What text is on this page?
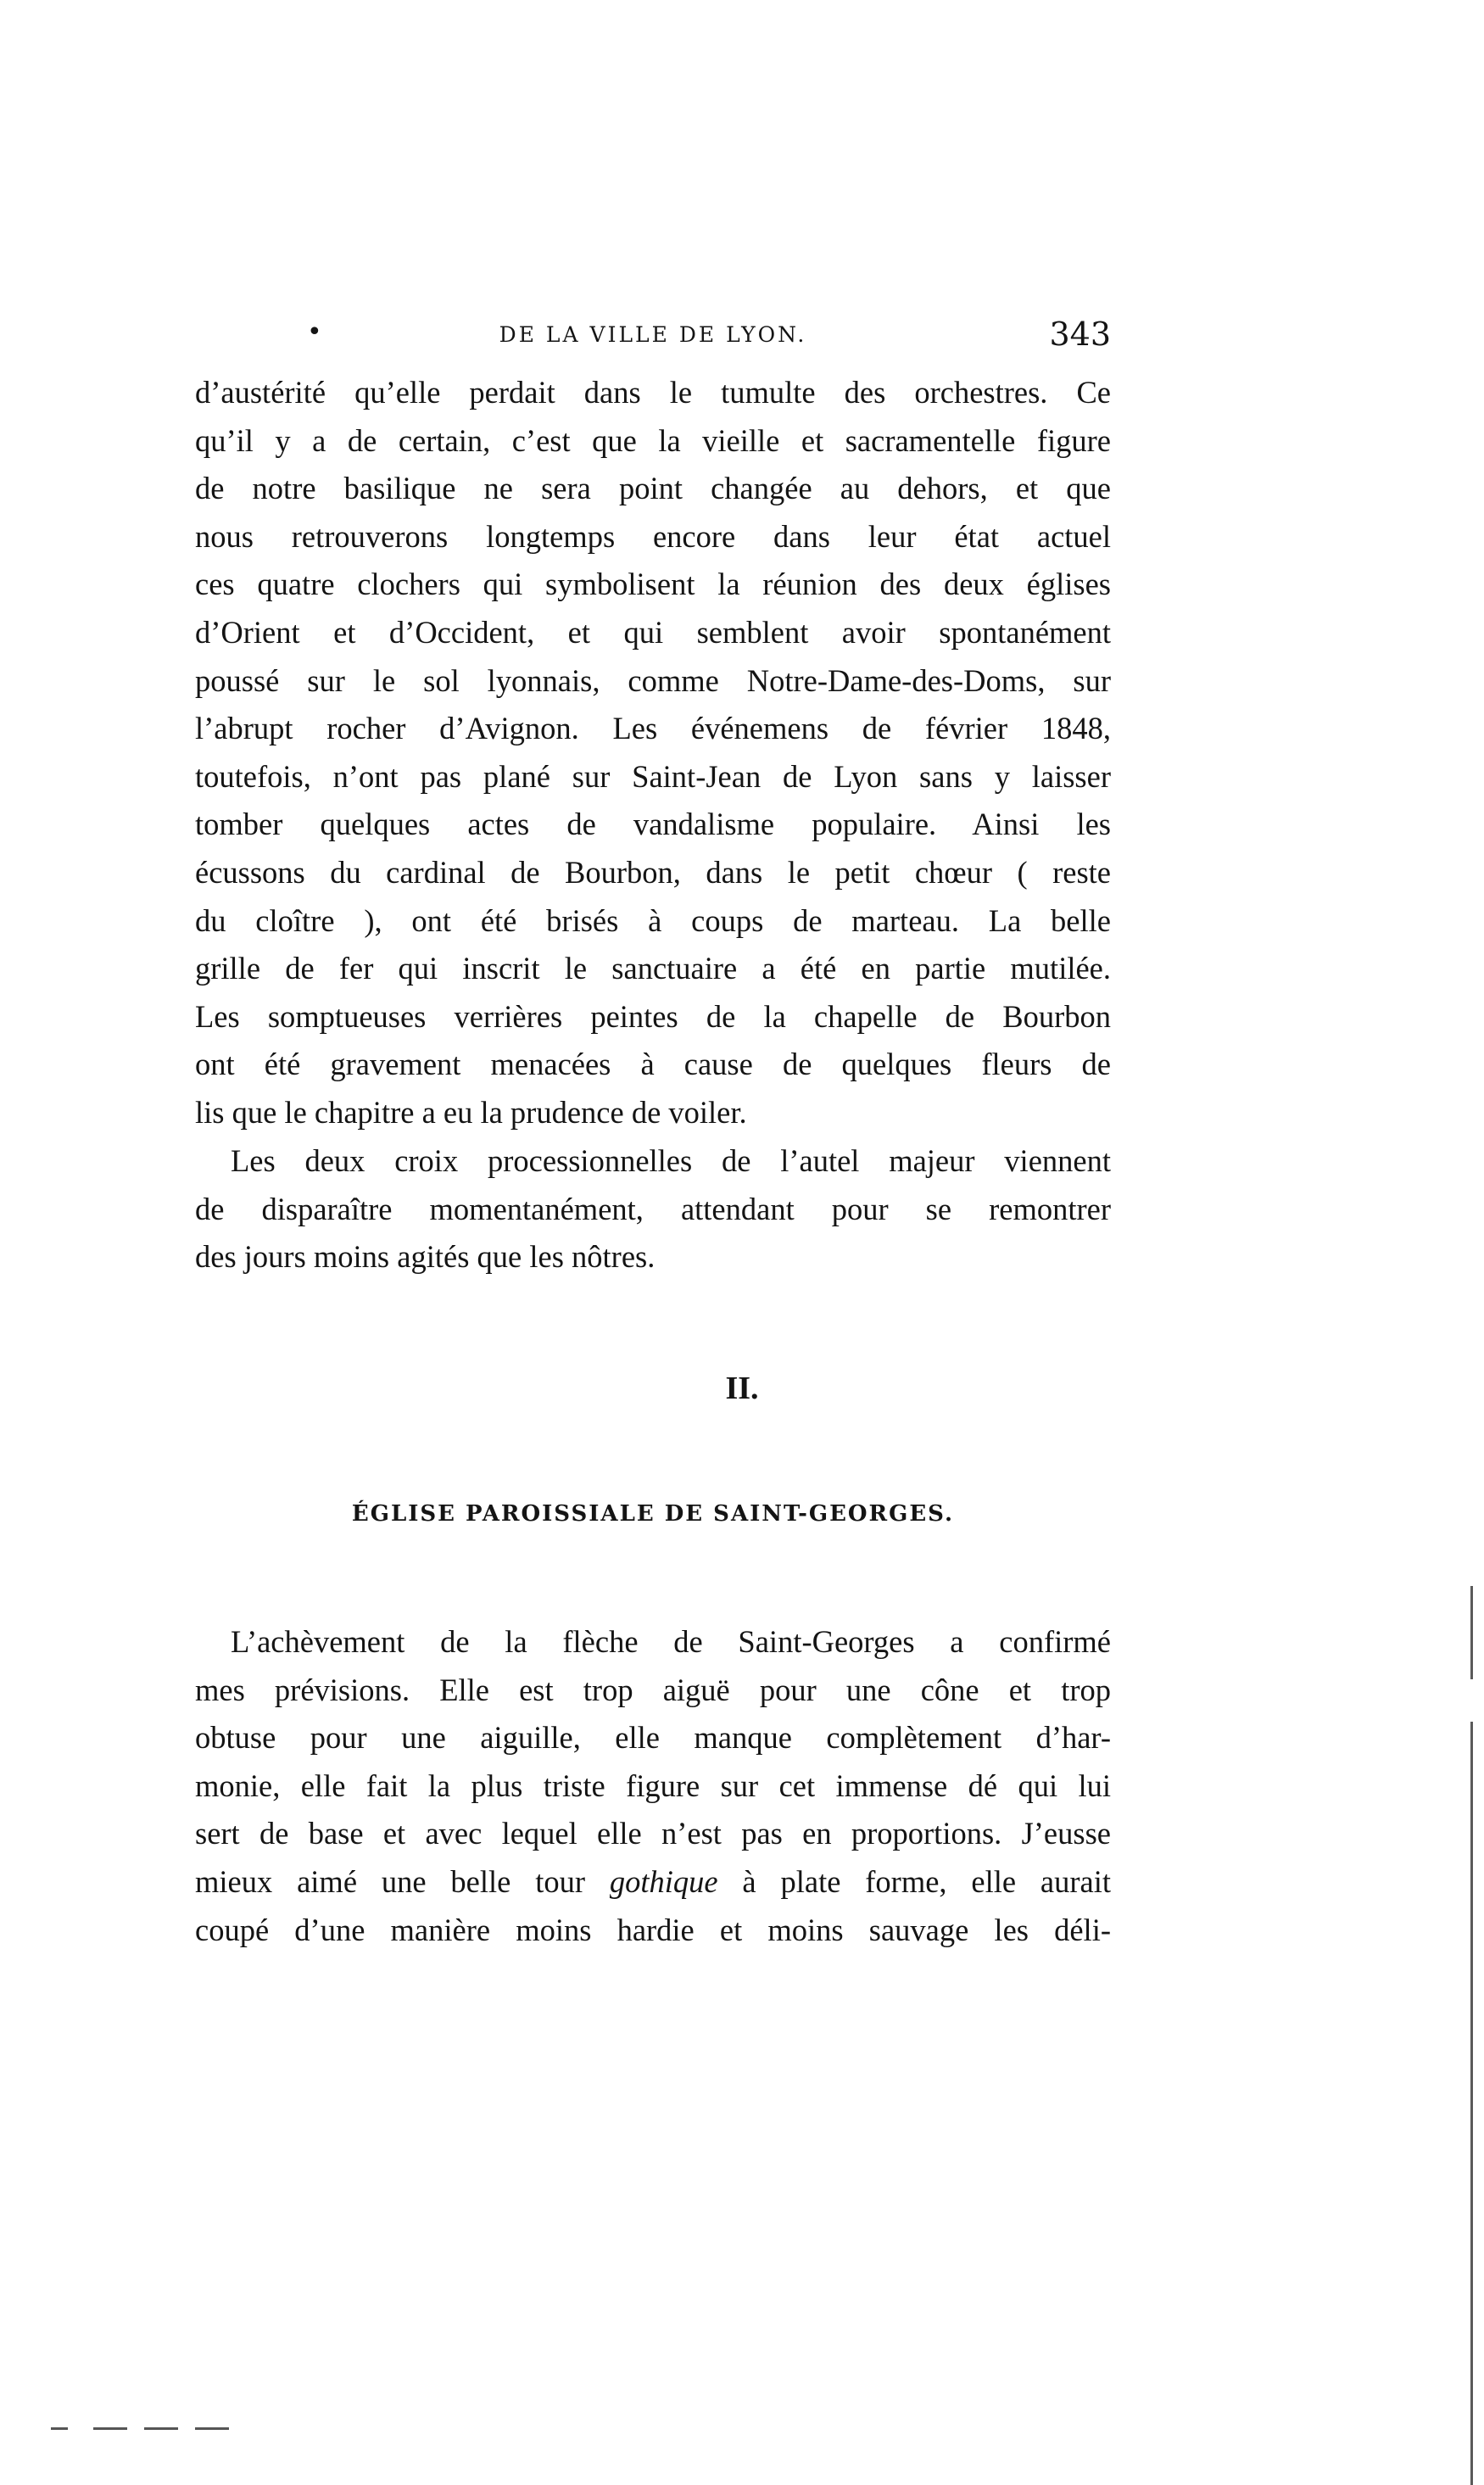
•	DE LA VILLE DE LYON.	343
d’austérité qu’elle perdait dans le tumulte des orchestres. Ce
qu’il y a de certain, c’est que la vieille et sacramentelle figure
de notre basilique ne sera point changée au dehors, et que
nous retrouverons longtemps encore dans leur état actuel
ces quatre clochers qui symbolisent la réunion des deux églises
d’Orient et d’Occident, et qui semblent avoir spontanément
poussé sur le sol lyonnais, comme Notre-Dame-des-Doms, sur
l’abrupt rocher d’Avignon. Les événemens de février 1848,
toutefois, n’ont pas plané sur Saint-Jean de Lyon sans y laisser
tomber quelques actes de vandalisme populaire. Ainsi les
écussons du cardinal de Bourbon, dans le petit chœur ( reste
du cloître ), ont été brisés à coups de marteau. La belle
grille de fer qui inscrit le sanctuaire a été en partie mutilée.
Les somptueuses verrières peintes de la chapelle de Bourbon
ont été gravement menacées à cause de quelques fleurs de
lis que le chapitre a eu la prudence de voiler.
Les deux croix processionnelles de l’autel majeur viennent
de disparaître momentanément, attendant pour se remontrer
des jours moins agités que les nôtres.
II.
ÉGLISE PAROISSIALE DE SAINT-GEORGES.
L’achèvement de la flèche de Saint-Georges a confirmé
mes prévisions. Elle est trop aiguë pour une cône et trop
obtuse pour une aiguille, elle manque complètement d’har-
monie, elle fait la plus triste figure sur cet immense dé qui lui
sert de base et avec lequel elle n’est pas en proportions. J’eusse
mieux aimé une belle tour gothique à plate forme, elle aurait
coupé d’une manière moins hardie et moins sauvage les déli-
